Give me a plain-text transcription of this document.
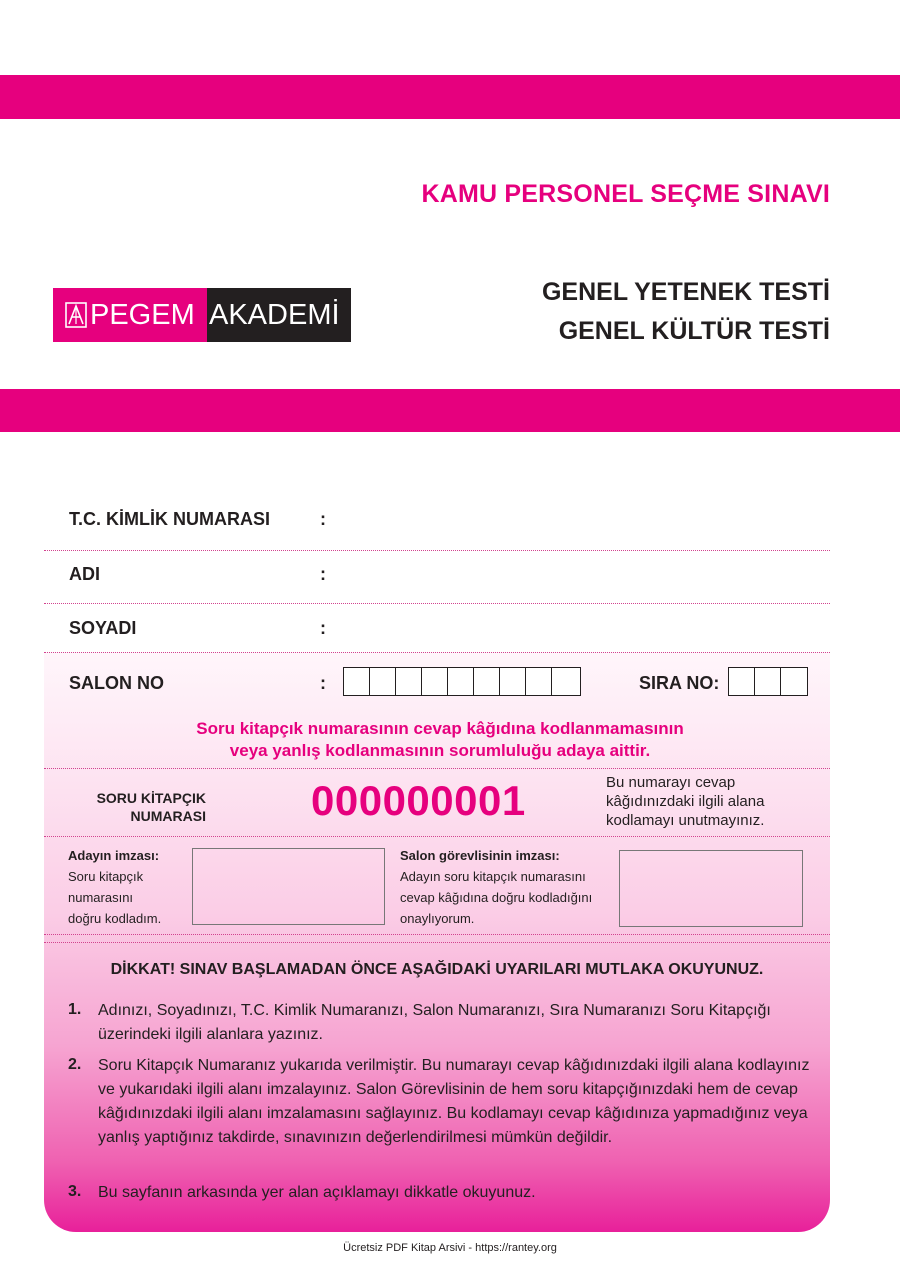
KAMU PERSONEL SEÇME SINAVI
PEGEM AKADEMİ
GENEL YETENEK TESTİ
GENEL KÜLTÜR TESTİ
T.C. KİMLİK NUMARASI	:
ADI	:
SOYADI	:
SALON NO	:	SIRA NO:
Soru kitapçık numarasının cevap kâğıdına kodlanmamasının
veya yanlış kodlanmasının sorumluluğu adaya aittir.
SORU KİTAPÇIK
NUMARASI	000000001	Bu numarayı cevap
kâğıdınızdaki ilgili alana
kodlamayı unutmayınız.
Adayın imzası:
Soru kitapçık
numarasını
doğru kodladım.
Salon görevlisinin imzası:
Adayın soru kitapçık numarasını
cevap kâğıdına doğru kodladığını
onaylıyorum.
DİKKAT! SINAV BAŞLAMADAN ÖNCE AŞAĞIDAKİ UYARILARI MUTLAKA OKUYUNUZ.
1. Adınızı, Soyadınızı, T.C. Kimlik Numaranızı, Salon Numaranızı, Sıra Numaranızı Soru Kitapçığı üzerindeki ilgili alanlara yazınız.
2. Soru Kitapçık Numaranız yukarıda verilmiştir. Bu numarayı cevap kâğıdınızdaki ilgili alana kodlayınız ve yukarıdaki ilgili alanı imzalayınız. Salon Görevlisinin de hem soru kitapçığınızdaki hem de cevap kâğıdınızdaki ilgili alanı imzalamasını sağlayınız. Bu kodlamayı cevap kâğıdınıza yapmadığınız veya yanlış yaptığınız takdirde, sınavınızın değerlendirilmesi mümkün değildir.
3. Bu sayfanın arkasında yer alan açıklamayı dikkatle okuyunuz.
Ücretsiz PDF Kitap Arsivi - https://rantey.org
